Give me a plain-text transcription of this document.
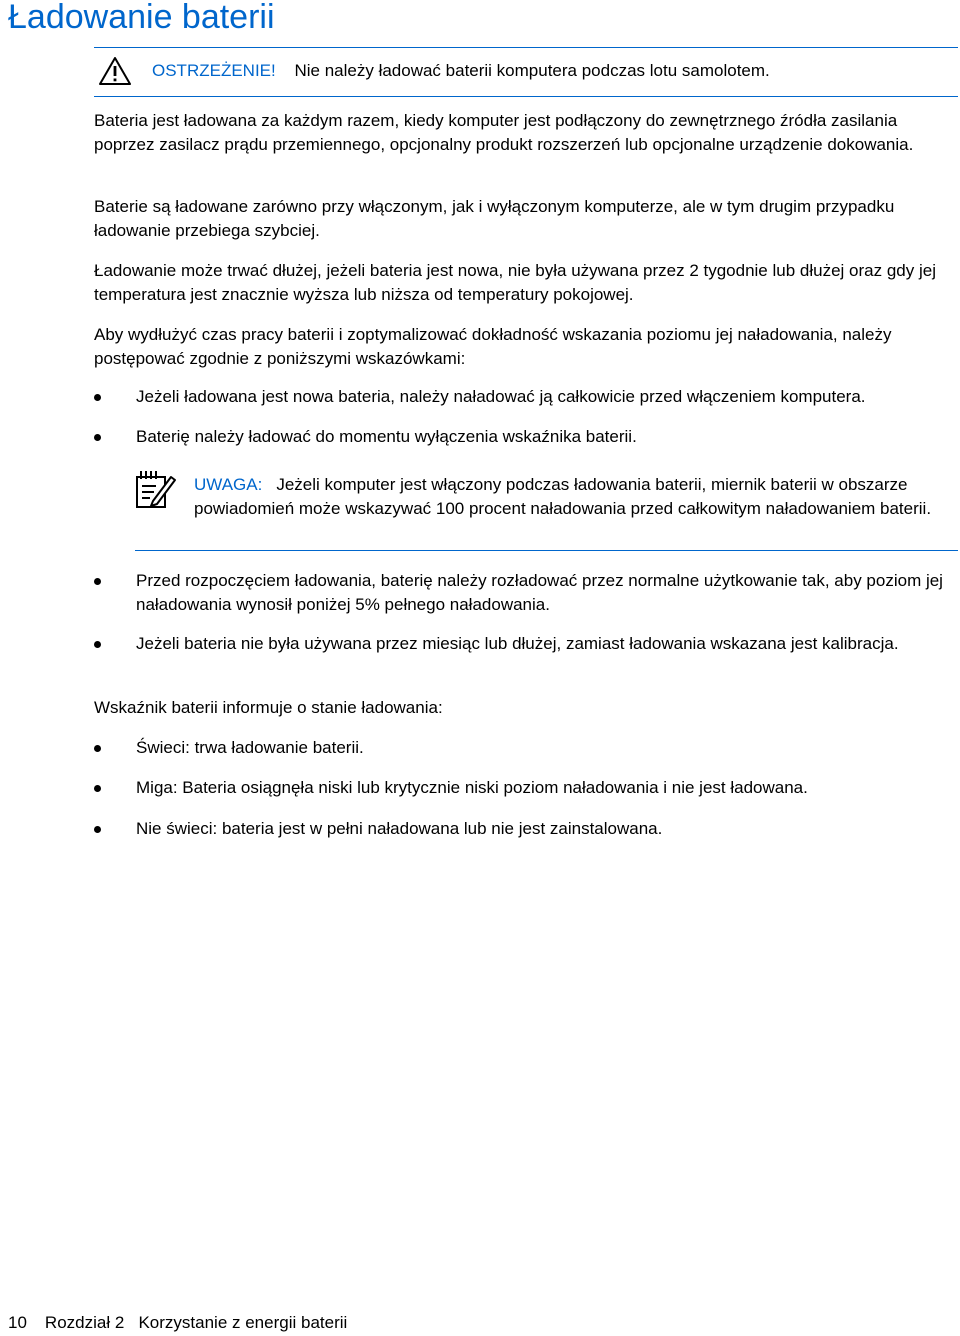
Ładowanie baterii
OSTRZEŻENIE! Nie należy ładować baterii komputera podczas lotu samolotem.

Bateria jest ładowana za każdym razem, kiedy komputer jest podłączony do zewnętrznego źródła zasilania poprzez zasilacz prądu przemiennego, opcjonalny produkt rozszerzeń lub opcjonalne urządzenie dokowania.

Baterie są ładowane zarówno przy włączonym, jak i wyłączonym komputerze, ale w tym drugim przypadku ładowanie przebiega szybciej.

Ładowanie może trwać dłużej, jeżeli bateria jest nowa, nie była używana przez 2 tygodnie lub dłużej oraz gdy jej temperatura jest znacznie wyższa lub niższa od temperatury pokojowej.

Aby wydłużyć czas pracy baterii i zoptymalizować dokładność wskazania poziomu jej naładowania, należy postępować zgodnie z poniższymi wskazówkami:

Jeżeli ładowana jest nowa bateria, należy naładować ją całkowicie przed włączeniem komputera.
Baterię należy ładować do momentu wyłączenia wskaźnika baterii.
UWAGA: Jeżeli komputer jest włączony podczas ładowania baterii, miernik baterii w obszarze powiadomień może wskazywać 100 procent naładowania przed całkowitym naładowaniem baterii.
Przed rozpoczęciem ładowania, baterię należy rozładować przez normalne użytkowanie tak, aby poziom jej naładowania wynosił poniżej 5% pełnego naładowania.
Jeżeli bateria nie była używana przez miesiąc lub dłużej, zamiast ładowania wskazana jest kalibracja.

Wskaźnik baterii informuje o stanie ładowania:

Świeci: trwa ładowanie baterii.
Miga: Bateria osiągnęła niski lub krytycznie niski poziom naładowania i nie jest ładowana.
Nie świeci: bateria jest w pełni naładowana lub nie jest zainstalowana.
10 Rozdział 2   Korzystanie z energii baterii
